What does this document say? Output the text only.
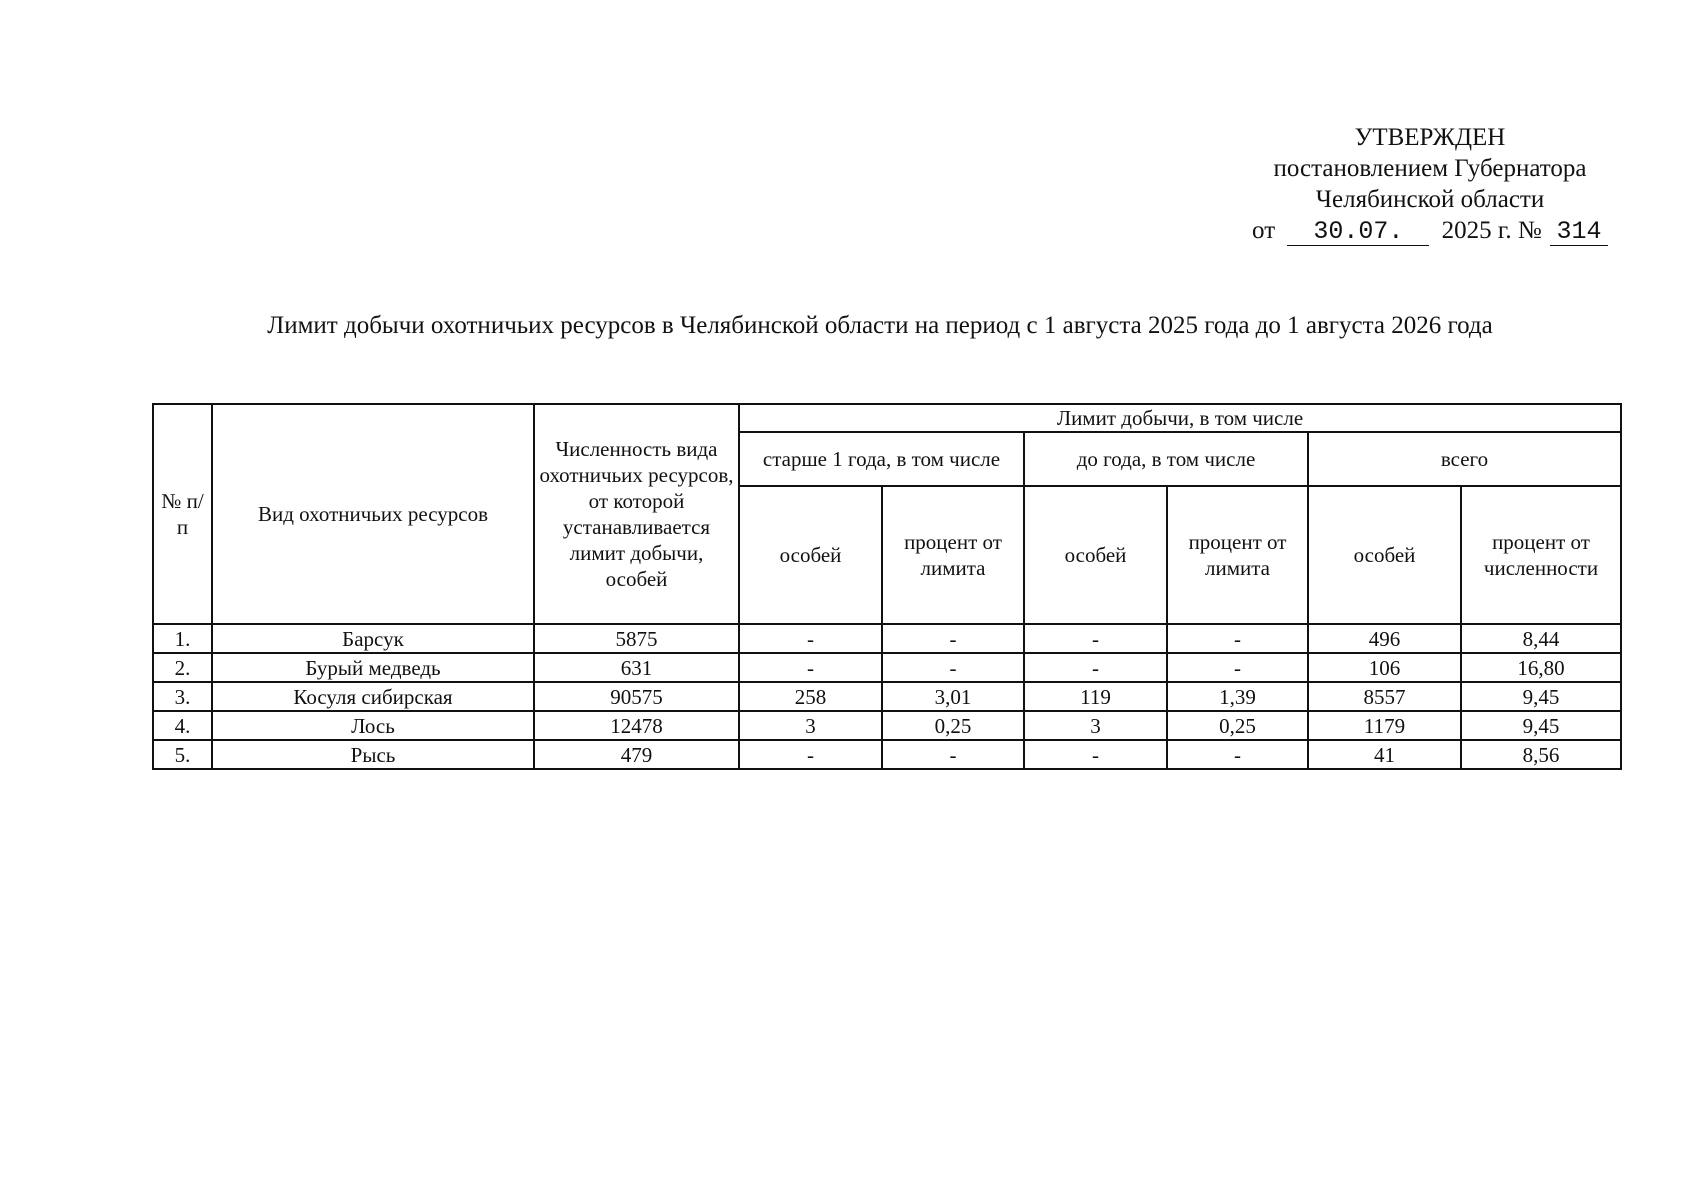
УТВЕРЖДЕН
постановлением Губернатора
Челябинской области
от 30.07. 2025 г. № 314
Лимит добычи охотничьих ресурсов в Челябинской области на период с 1 августа 2025 года до 1 августа 2026 года
№ п/п	Вид охотничьих ресурсов	Численность вида охотничьих ресурсов, от которой устанавливается лимит добычи, особей	Лимит добычи, в том числе					
			старше 1 года, в том числе		до года, в том числе		всего	
			особей	процент от лимита	особей	процент от лимита	особей	процент от численности
1.	Барсук	5875	-	-	-	-	496	8,44
2.	Бурый медведь	631	-	-	-	-	106	16,80
3.	Косуля сибирская	90575	258	3,01	119	1,39	8557	9,45
4.	Лось	12478	3	0,25	3	0,25	1179	9,45
5.	Рысь	479	-	-	-	-	41	8,56
